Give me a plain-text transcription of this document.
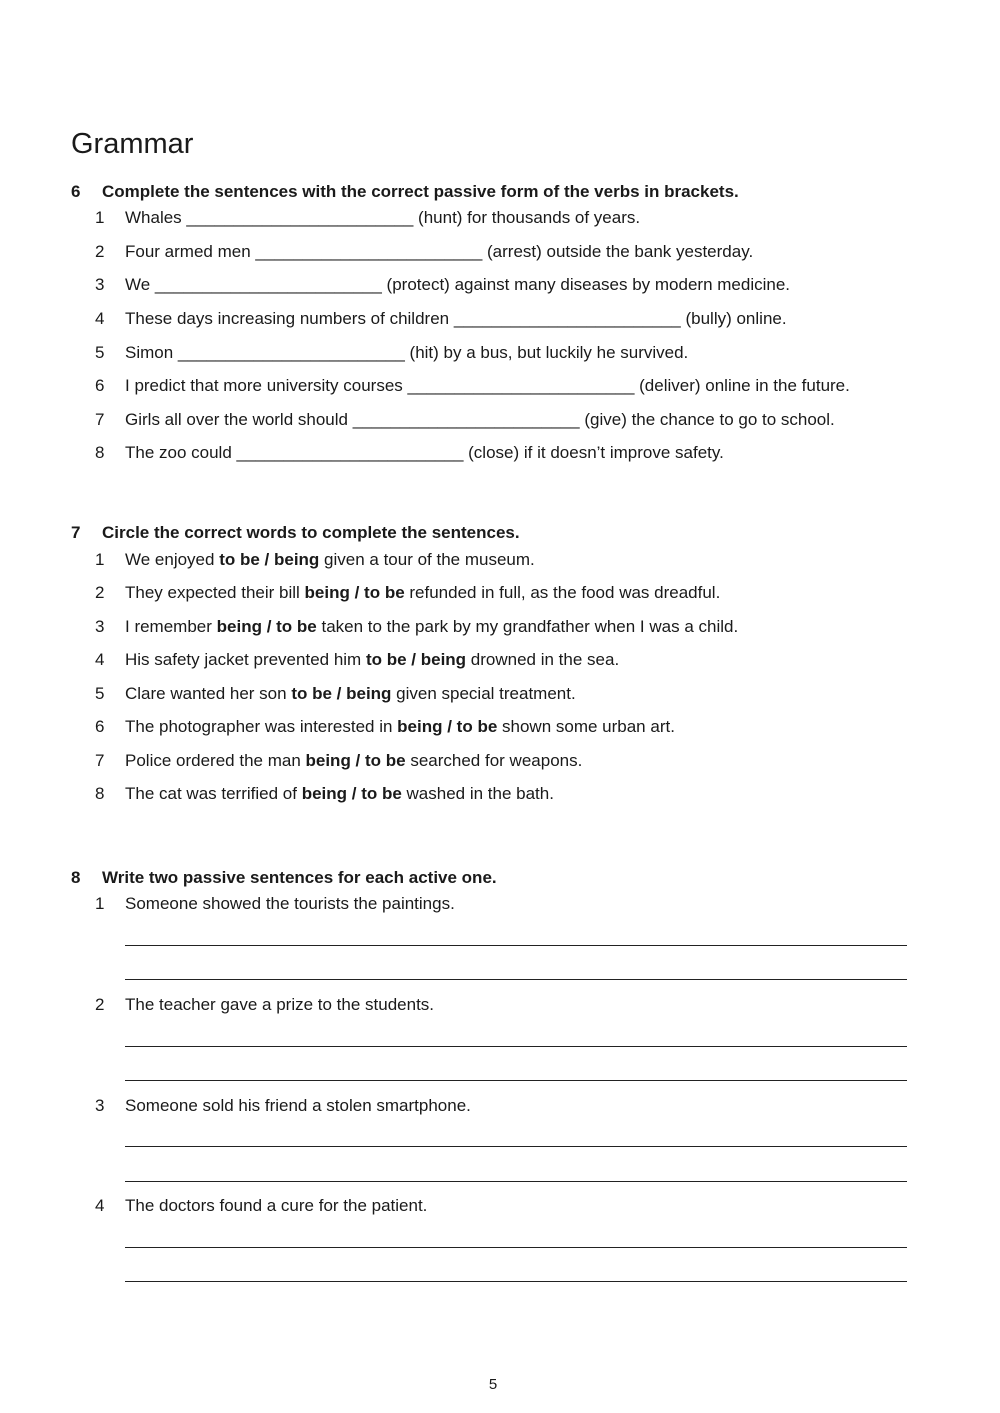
Grammar
6 Complete the sentences with the correct passive form of the verbs in brackets.
1 Whales ________________________ (hunt) for thousands of years.
2 Four armed men ________________________ (arrest) outside the bank yesterday.
3 We ________________________ (protect) against many diseases by modern medicine.
4 These days increasing numbers of children ________________________ (bully) online.
5 Simon ________________________ (hit) by a bus, but luckily he survived.
6 I predict that more university courses ________________________ (deliver) online in the future.
7 Girls all over the world should ________________________ (give) the chance to go to school.
8 The zoo could ________________________ (close) if it doesn’t improve safety.
7 Circle the correct words to complete the sentences.
1 We enjoyed to be / being given a tour of the museum.
2 They expected their bill being / to be refunded in full, as the food was dreadful.
3 I remember being / to be taken to the park by my grandfather when I was a child.
4 His safety jacket prevented him to be / being drowned in the sea.
5 Clare wanted her son to be / being given special treatment.
6 The photographer was interested in being / to be shown some urban art.
7 Police ordered the man being / to be searched for weapons.
8 The cat was terrified of being / to be washed in the bath.
8 Write two passive sentences for each active one.
1 Someone showed the tourists the paintings.
2 The teacher gave a prize to the students.
3 Someone sold his friend a stolen smartphone.
4 The doctors found a cure for the patient.
5
